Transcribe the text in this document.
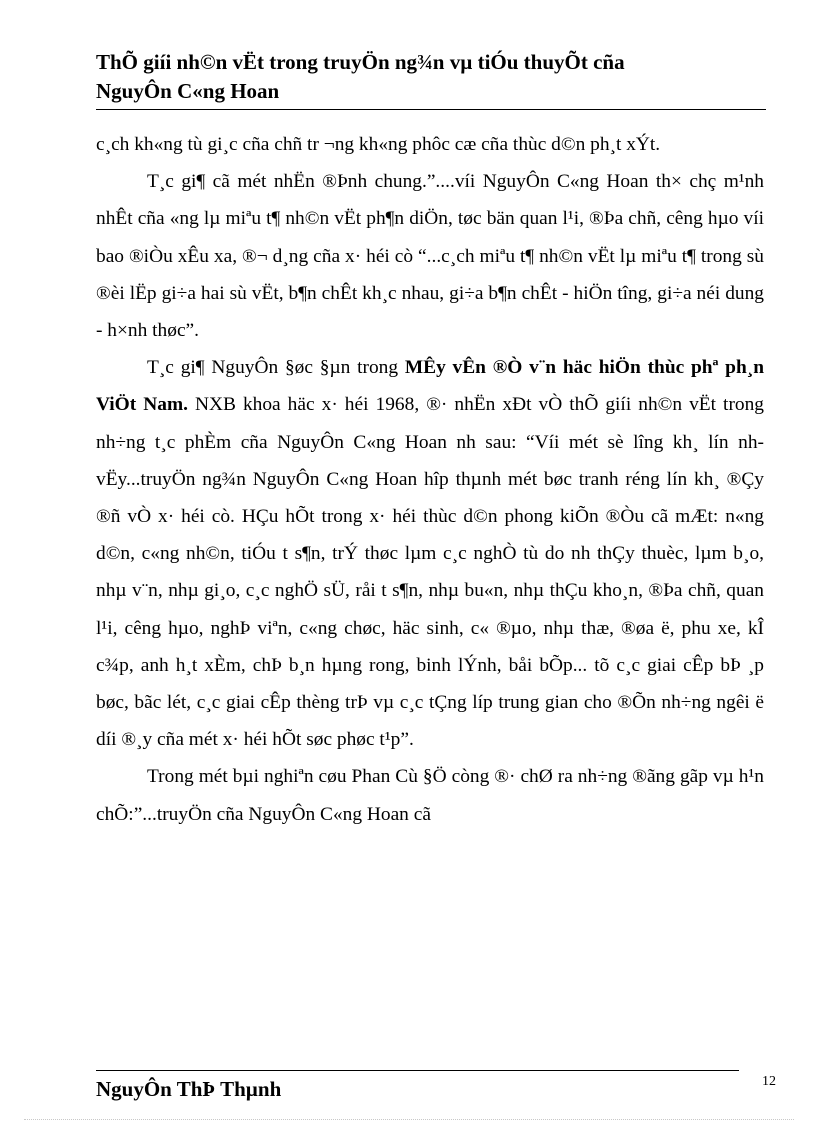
ThÕ giíi nh©n vËt trong truyÖn ng¾n vµ tiÓu thuyÕt cña
NguyÔn C«ng Hoan

c¸ch kh«ng tù gi¸c cña chñ tr ¬ng kh«ng phôc cæ cña thùc d©n ph¸t xÝt.

T¸c gi¶ cã mét nhËn ®Þnh chung.”....víi NguyÔn C«ng Hoan th× chç m¹nh nhÊt cña «ng lµ miªu t¶ nh©n vËt ph¶n diÖn, tøc bän quan l¹i, ®Þa chñ, cêng hµo víi bao ®iÒu xÊu xa, ®¬ d¸ng cña x· héi cò “...c¸ch miªu t¶ nh©n vËt lµ miªu t¶ trong sù ®èi lËp gi÷a hai sù vËt, b¶n chÊt kh¸c nhau, gi÷a b¶n chÊt - hiÖn tîng, gi÷a néi dung - h×nh thøc”.

T¸c gi¶ NguyÔn §øc §µn trong MÊy vÊn ®Ò v¨n häc hiÖn thùc phª ph¸n ViÖt Nam. NXB khoa häc x· héi 1968, ®· nhËn xÐt vÒ thÕ giíi nh©n vËt trong nh÷ng t¸c phÈm cña NguyÔn C«ng Hoan nh sau: “Víi mét sè lîng kh¸ lín nh vËy...truyÖn ng¾n NguyÔn C«ng Hoan hîp thµnh mét bøc tranh réng lín kh¸ ®Çy ®ñ vÒ x· héi cò. HÇu hÕt trong x· héi thùc d©n phong kiÕn ®Òu cã mÆt: n«ng d©n, c«ng nh©n, tiÓu t s¶n, trÝ thøc lµm c¸c nghÒ tù do nh thÇy thuèc, lµm b¸o, nhµ v¨n, nhµ gi¸o, c¸c nghÖ sÜ, råi t s¶n, nhµ bu«n, nhµ thÇu kho¸n, ®Þa chñ, quan l¹i, cêng hµo, nghÞ viªn, c«ng chøc, häc sinh, c« ®µo, nhµ thæ, ®øa ë, phu xe, kÎ c¾p, anh h¸t xÈm, chÞ b¸n hµng rong, binh lÝnh, båi bÕp... tõ c¸c giai cÊp bÞ ¸p bøc, bãc lét, c¸c giai cÊp thèng trÞ vµ c¸c tÇng líp trung gian cho ®Õn nh÷ng ngêi ë díi ®¸y cña mét x· héi hÕt søc phøc t¹p”.

Trong mét bµi nghiªn cøu Phan Cù §Ö còng ®· chØ ra nh÷ng ®ãng gãp vµ h¹n chÕ:”...truyÖn cña NguyÔn C«ng Hoan cã

NguyÔn ThÞ Thµnh	12
